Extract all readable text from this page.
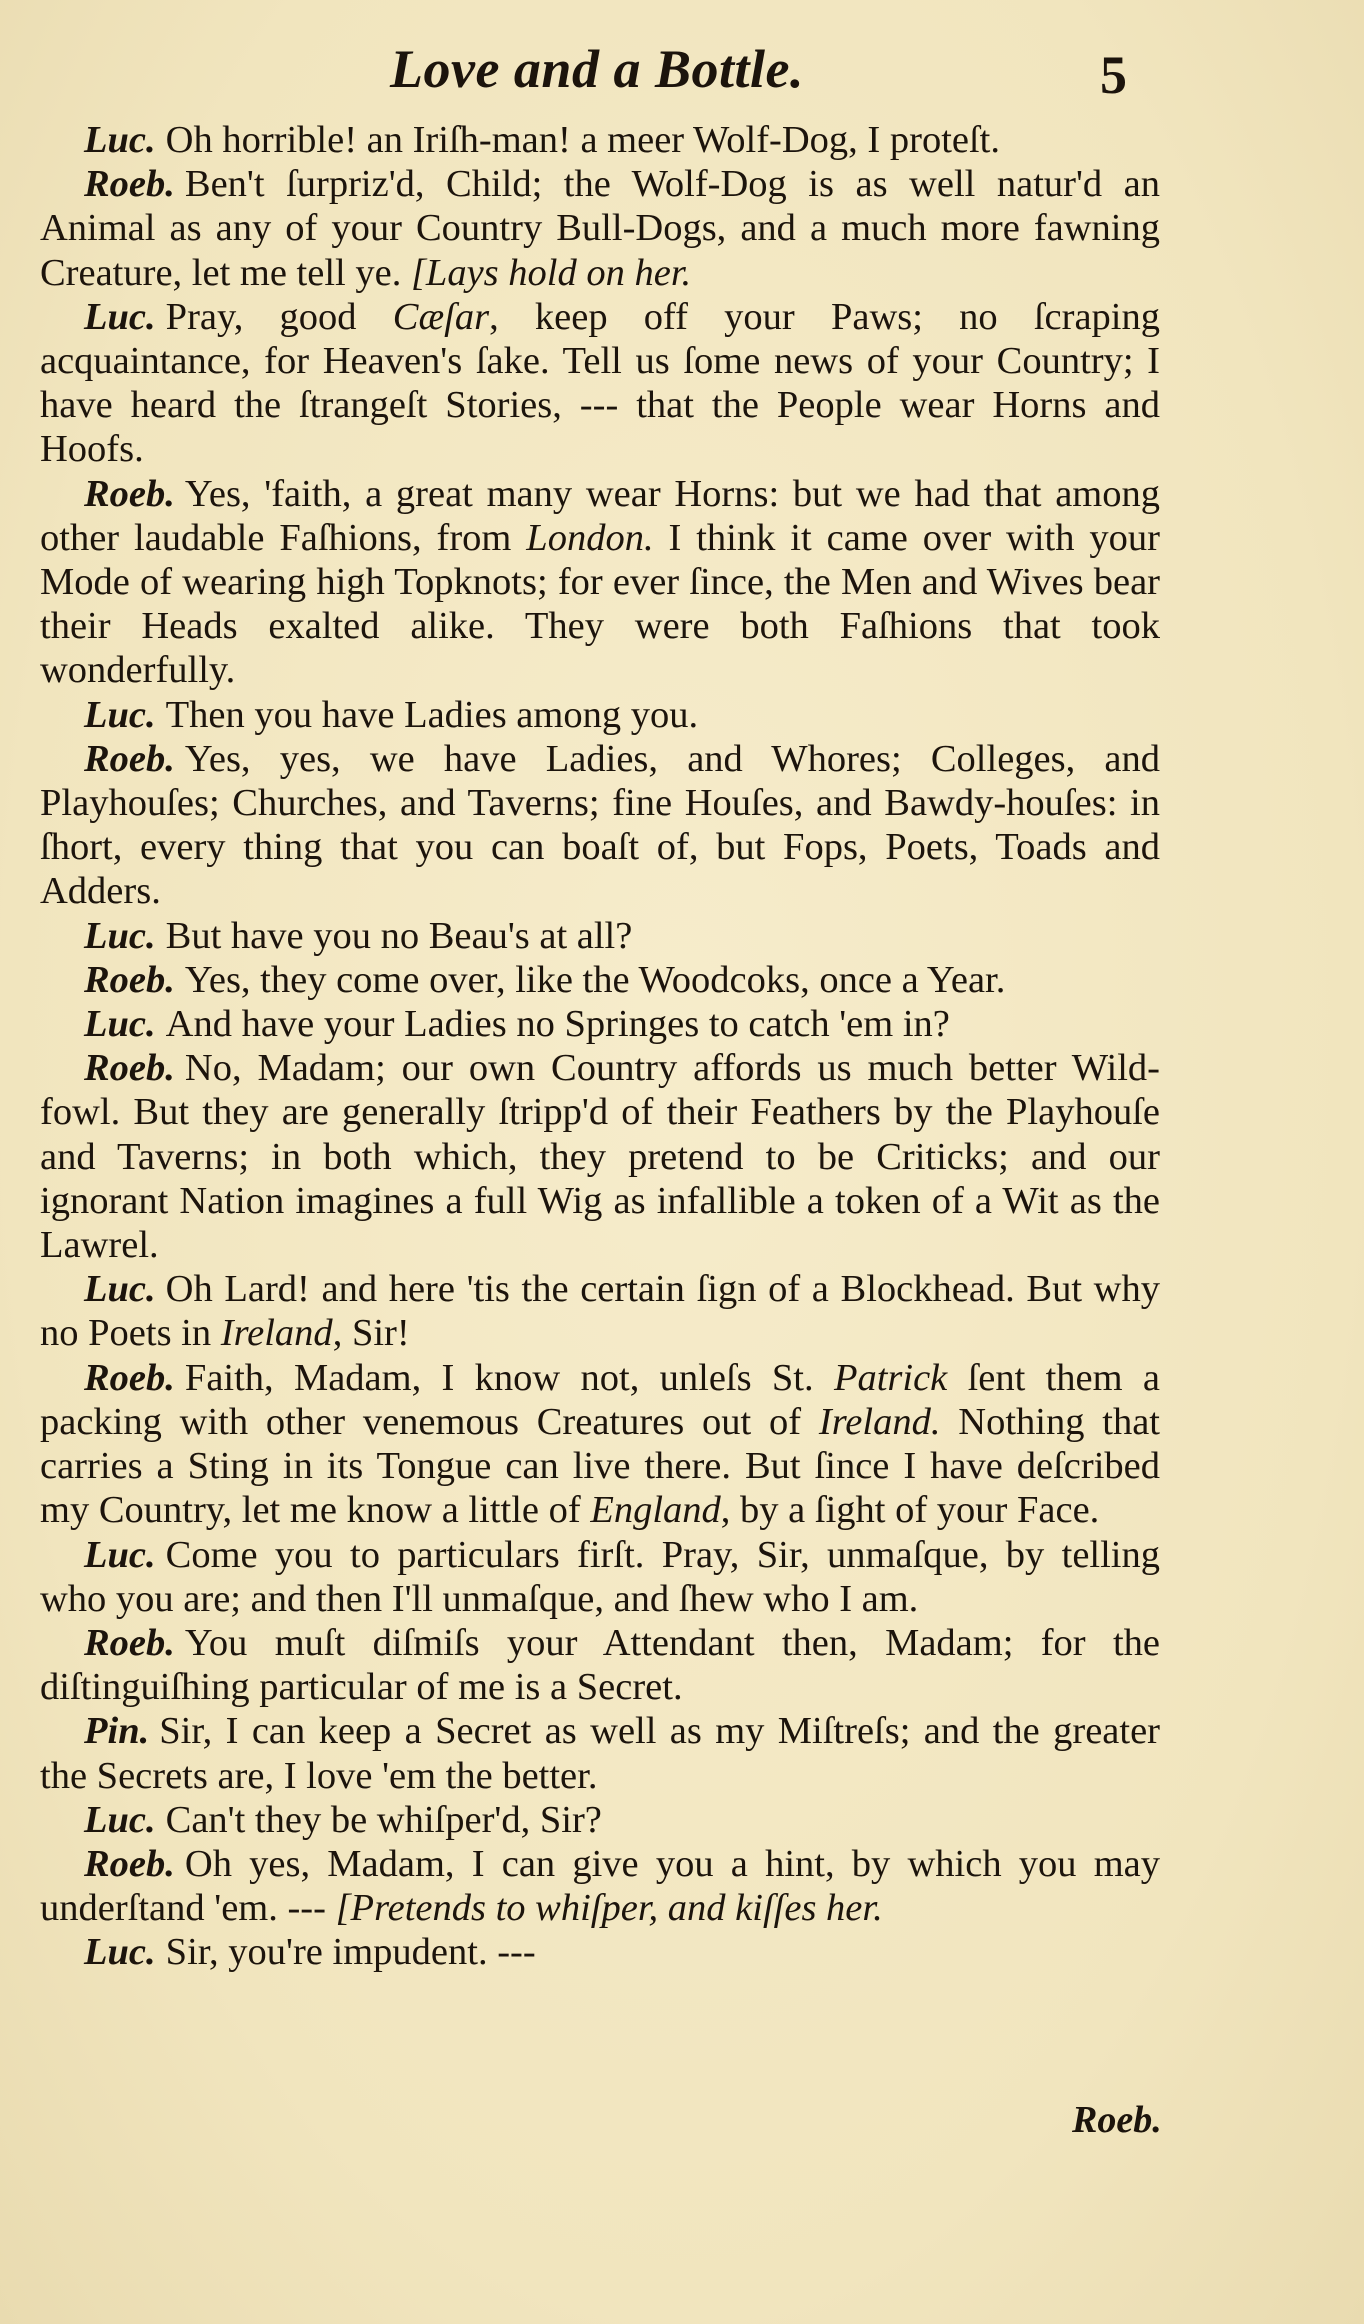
Love and a Bottle.	5

Luc. Oh horrible! an Iriſh-man! a meer Wolf-Dog, I proteſt.

Roeb. Ben't ſurpriz'd, Child; the Wolf-Dog is as well natur'd an Animal as any of your Country Bull-Dogs, and a much more fawning Creature, let me tell ye. [Lays hold on her.

Luc. Pray, good Cæſar, keep off your Paws; no ſcraping acquaintance, for Heaven's ſake. Tell us ſome news of your Country; I have heard the ſtrangeſt Stories, --- that the People wear Horns and Hoofs.

Roeb. Yes, 'faith, a great many wear Horns: but we had that among other laudable Faſhions, from London. I think it came over with your Mode of wearing high Topknots; for ever ſince, the Men and Wives bear their Heads exalted alike. They were both Faſhions that took wonderfully.

Luc. Then you have Ladies among you.

Roeb. Yes, yes, we have Ladies, and Whores; Colleges, and Playhouſes; Churches, and Taverns; fine Houſes, and Bawdy-houſes: in ſhort, every thing that you can boaſt of, but Fops, Poets, Toads and Adders.

Luc. But have you no Beau's at all?

Roeb. Yes, they come over, like the Woodcoks, once a Year.

Luc. And have your Ladies no Springes to catch 'em in?

Roeb. No, Madam; our own Country affords us much better Wild-fowl. But they are generally ſtripp'd of their Feathers by the Playhouſe and Taverns; in both which, they pretend to be Criticks; and our ignorant Nation imagines a full Wig as infallible a token of a Wit as the Lawrel.

Luc. Oh Lard! and here 'tis the certain ſign of a Blockhead. But why no Poets in Ireland, Sir!

Roeb. Faith, Madam, I know not, unleſs St. Patrick ſent them a packing with other venemous Creatures out of Ireland. Nothing that carries a Sting in its Tongue can live there. But ſince I have deſcribed my Country, let me know a little of England, by a ſight of your Face.

Luc. Come you to particulars firſt. Pray, Sir, unmaſque, by telling who you are; and then I'll unmaſque, and ſhew who I am.

Roeb. You muſt diſmiſs your Attendant then, Madam; for the diſtinguiſhing particular of me is a Secret.

Pin. Sir, I can keep a Secret as well as my Miſtreſs; and the greater the Secrets are, I love 'em the better.

Luc. Can't they be whiſper'd, Sir?

Roeb. Oh yes, Madam, I can give you a hint, by which you may underſtand 'em. --- [Pretends to whiſper, and kiſſes her.

Luc. Sir, you're impudent. ---

Roeb.
